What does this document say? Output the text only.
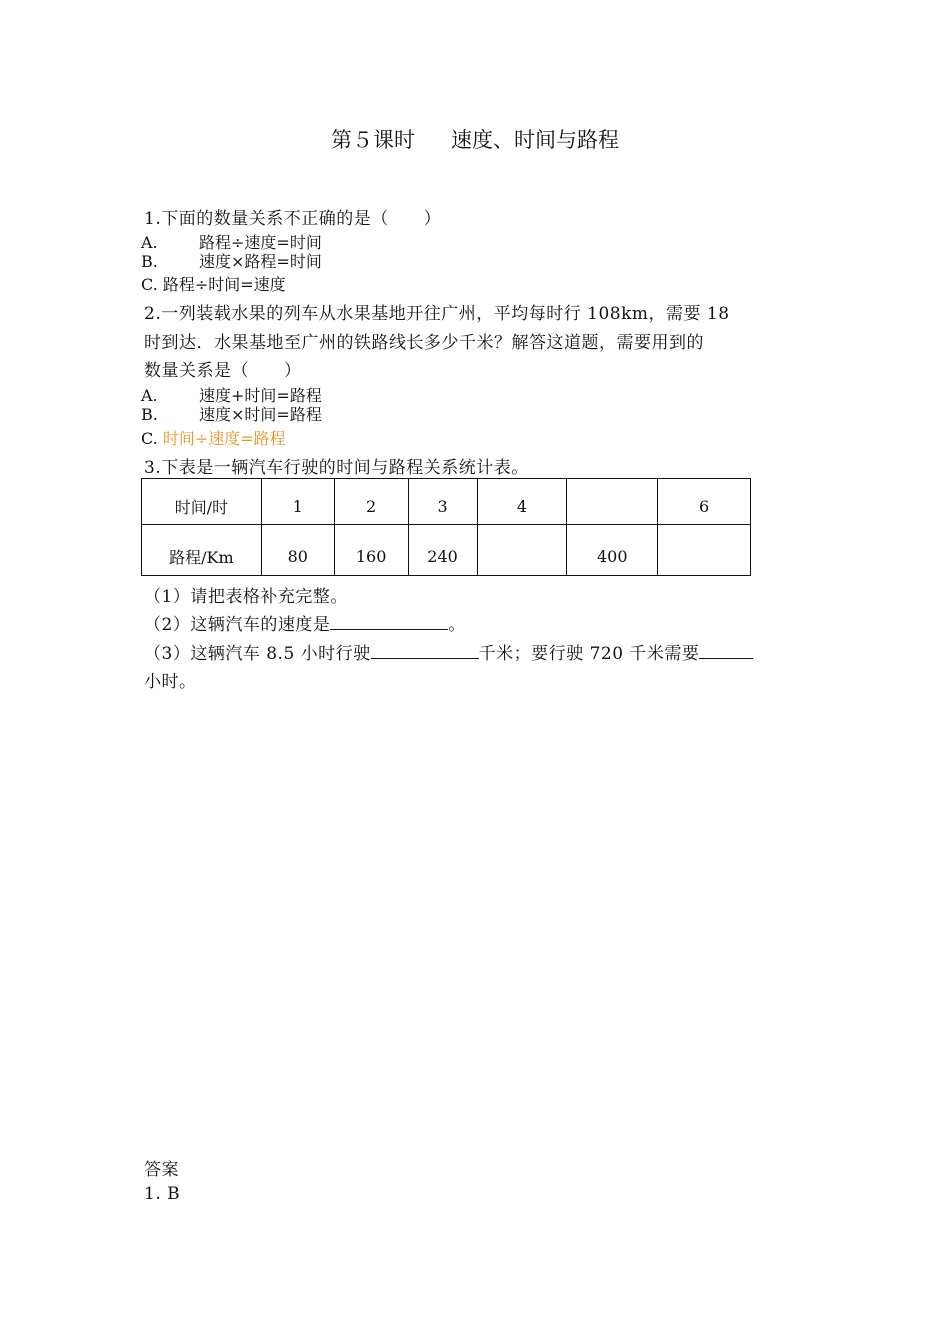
第５课时 速度、时间与路程
1.下面的数量关系不正确的是（　　）
A.	路程÷速度=时间
B.	速度×路程=时间
C. 路程÷时间=速度
2.一列装载水果的列车从水果基地开往广州，平均每时行 108km，需要 18
时到达．水果基地至广州的铁路线长多少千米？解答这道题，需要用到的
数量关系是（　　）
A.	速度+时间=路程
B.	速度×时间=路程
C. 时间÷速度=路程
3.下表是一辆汽车行驶的时间与路程关系统计表。
时间/时	1	2	3	4		6
路程/Km	80	160	240		400	
（1）请把表格补充完整。
（2）这辆汽车的速度是	。
（3）这辆汽车 8.5 小时行驶	千米；要行驶 720 千米需要
小时。
答案
1. B
